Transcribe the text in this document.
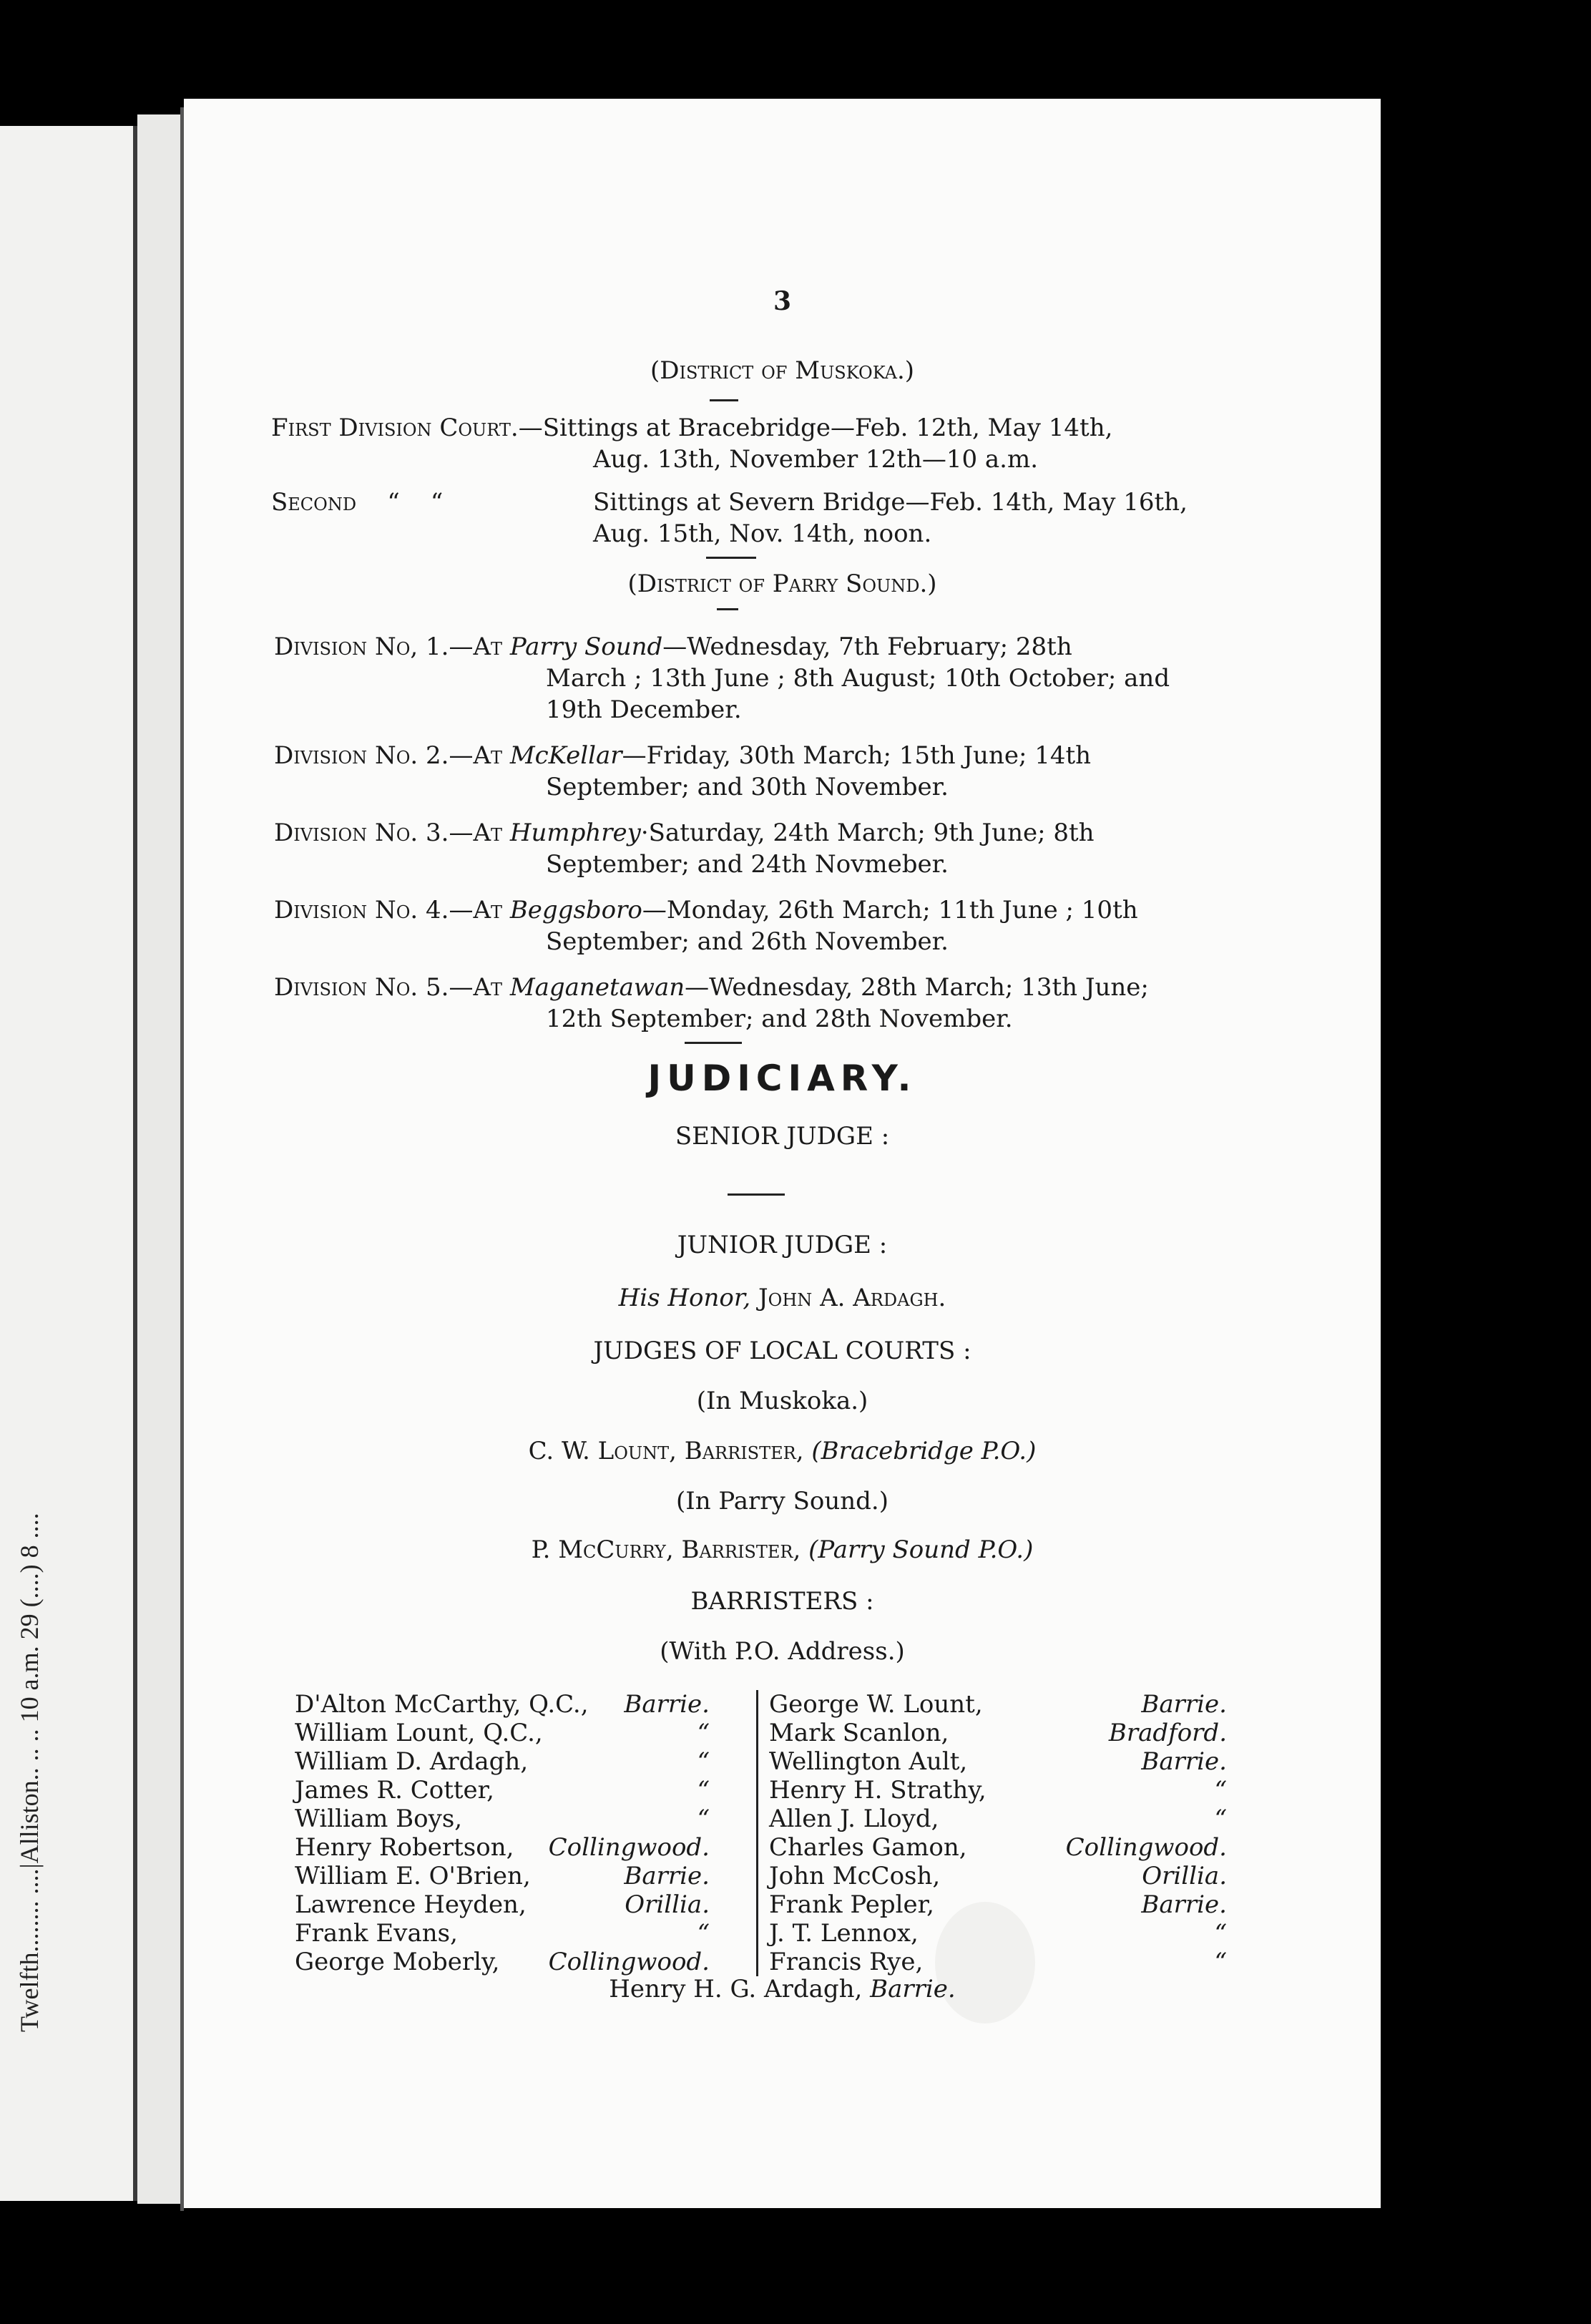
Twelfth........ ....|Alliston.. .. .. 10 a.m. 29 (....) 8 ....
3
(District of Muskoka.)
First Division Court.—Sittings at Bracebridge—Feb. 12th, May 14th,
Aug. 13th, November 12th—10 a.m.
Second    “    “	Sittings at Severn Bridge—Feb. 14th, May 16th,
Aug. 15th, Nov. 14th, noon.
(District of Parry Sound.)
Division No, 1.—At Parry Sound—Wednesday, 7th February; 28th
March ; 13th June ; 8th August; 10th October; and
19th December.
Division No. 2.—At McKellar—Friday, 30th March; 15th June; 14th
September; and 30th November.
Division No. 3.—At Humphrey·Saturday, 24th March; 9th June; 8th
September; and 24th Novmeber.
Division No. 4.—At Beggsboro—Monday, 26th March; 11th June ; 10th
September; and 26th November.
Division No. 5.—At Maganetawan—Wednesday, 28th March; 13th June;
12th September; and 28th November.
JUDICIARY.
SENIOR JUDGE :
JUNIOR JUDGE :
His Honor, John A. Ardagh.
JUDGES OF LOCAL COURTS :
(In Muskoka.)
C. W. Lount, Barrister, (Bracebridge P.O.)
(In Parry Sound.)
P. McCurry, Barrister, (Parry Sound P.O.)
BARRISTERS :
(With P.O. Address.)
D'Alton McCarthy, Q.C., Barrie.
William Lount, Q.C.,	“
William D. Ardagh,	“
James R. Cotter,	“
William Boys,	“
Henry Robertson, Collingwood.
William E. O'Brien,	Barrie.
Lawrence Heyden,	Orillia.
Frank Evans,	“
George Moberly, Collingwood.
George W. Lount,	Barrie.
Mark Scanlon,	Bradford.
Wellington Ault,	Barrie.
Henry H. Strathy,	“
Allen J. Lloyd,	“
Charles Gamon,	Collingwood.
John McCosh,	Orillia.
Frank Pepler,	Barrie.
J. T. Lennox,	“
Francis Rye,	“
Henry H. G. Ardagh, Barrie.
